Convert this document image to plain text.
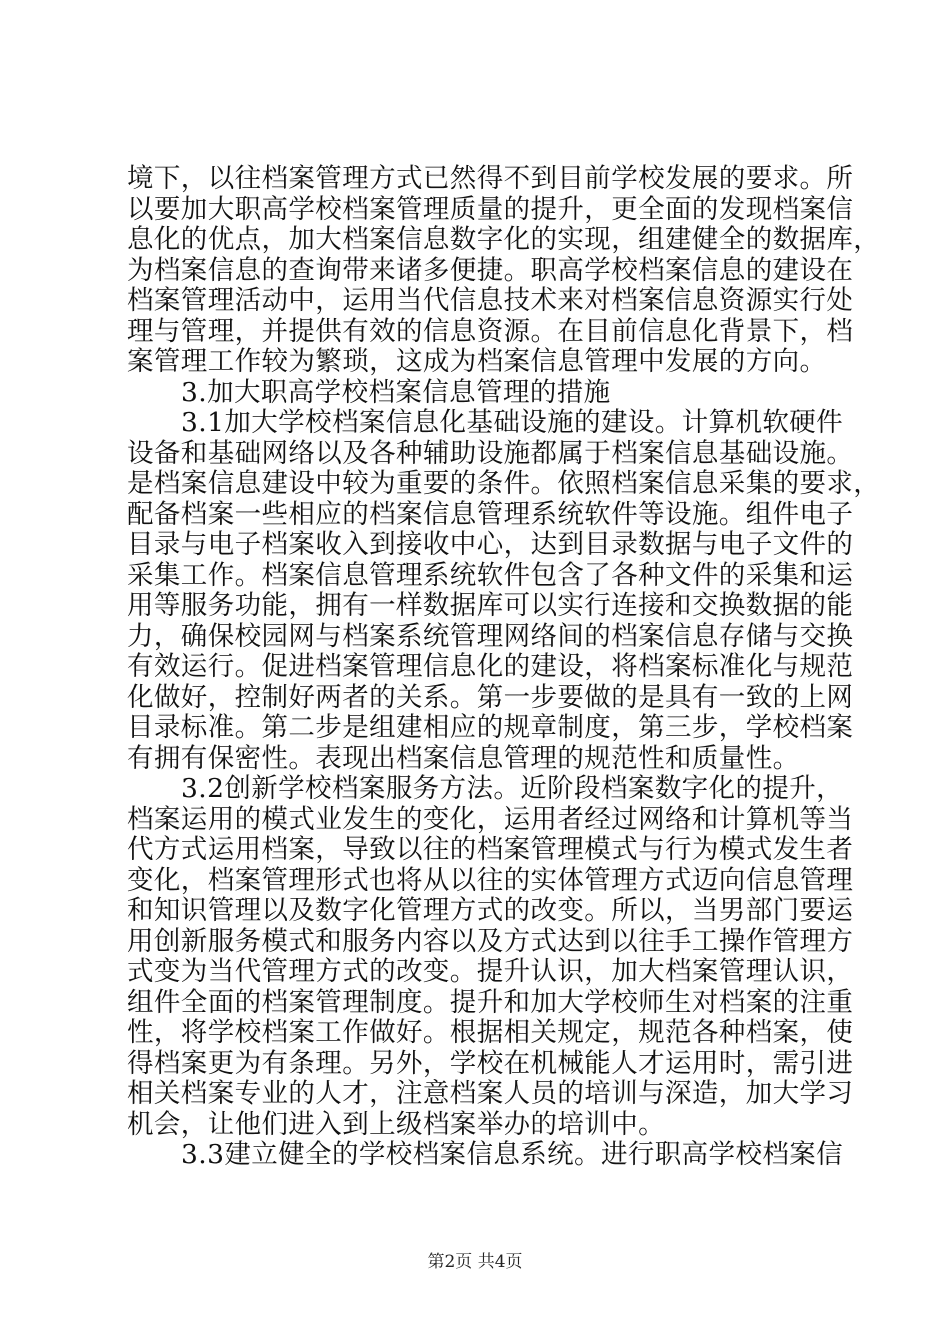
境下，以往档案管理方式已然得不到目前学校发展的要求。所
以要加大职高学校档案管理质量的提升，更全面的发现档案信
息化的优点，加大档案信息数字化的实现，组建健全的数据库，
为档案信息的查询带来诸多便捷。职高学校档案信息的建设在
档案管理活动中，运用当代信息技术来对档案信息资源实行处
理与管理，并提供有效的信息资源。在目前信息化背景下，档
案管理工作较为繁琐，这成为档案信息管理中发展的方向。
3.加大职高学校档案信息管理的措施
3.1加大学校档案信息化基础设施的建设。计算机软硬件
设备和基础网络以及各种辅助设施都属于档案信息基础设施。
是档案信息建设中较为重要的条件。依照档案信息采集的要求，
配备档案一些相应的档案信息管理系统软件等设施。组件电子
目录与电子档案收入到接收中心，达到目录数据与电子文件的
采集工作。档案信息管理系统软件包含了各种文件的采集和运
用等服务功能，拥有一样数据库可以实行连接和交换数据的能
力，确保校园网与档案系统管理网络间的档案信息存储与交换
有效运行。促进档案管理信息化的建设，将档案标准化与规范
化做好，控制好两者的关系。第一步要做的是具有一致的上网
目录标准。第二步是组建相应的规章制度，第三步，学校档案
有拥有保密性。表现出档案信息管理的规范性和质量性。
3.2创新学校档案服务方法。近阶段档案数字化的提升，
档案运用的模式业发生的变化，运用者经过网络和计算机等当
代方式运用档案，导致以往的档案管理模式与行为模式发生者
变化，档案管理形式也将从以往的实体管理方式迈向信息管理
和知识管理以及数字化管理方式的改变。所以，当男部门要运
用创新服务模式和服务内容以及方式达到以往手工操作管理方
式变为当代管理方式的改变。提升认识，加大档案管理认识，
组件全面的档案管理制度。提升和加大学校师生对档案的注重
性，将学校档案工作做好。根据相关规定，规范各种档案，使
得档案更为有条理。另外，学校在机械能人才运用时，需引进
相关档案专业的人才，注意档案人员的培训与深造，加大学习
机会，让他们进入到上级档案举办的培训中。
3.3建立健全的学校档案信息系统。进行职高学校档案信
第2页 共4页
